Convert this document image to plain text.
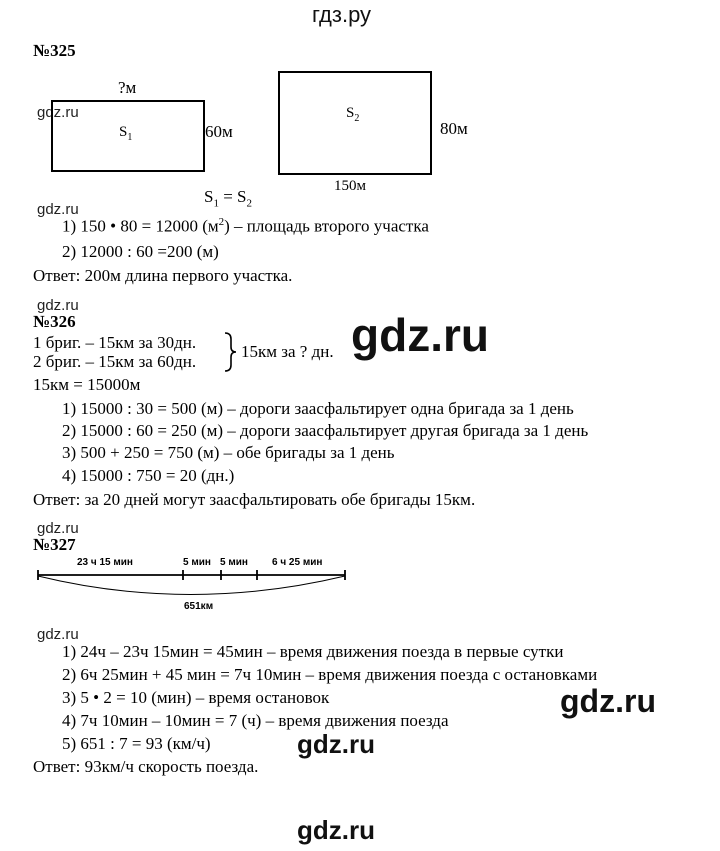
гдз.ру
№325
?м
gdz.ru
$S_1$	60м
$S_2$
80м
150м
$S_1 = S_2$
gdz.ru
1) 150 • 80 = 12000 $(м^2)$ – площадь второго участка
2) 12000 : 60 =200 (м)
Ответ: 200м длина первого участка.
gdz.ru
№326
1 бриг. – 15км за 30дн.
2 бриг. – 15км за 60дн.
15км за ? дн. gdz.ru
15км = 15000м
1) 15000 : 30 = 500 (м) – дороги заасфальтирует одна бригада за 1 день
2) 15000 : 60 = 250 (м) – дороги заасфальтирует другая бригада за 1 день
3) 500 + 250 = 750 (м) – обе бригады за 1 день
4) 15000 : 750 = 20 (дн.)
Ответ: за 20 дней могут заасфальтировать обе бригады 15км.
gdz.ru
№327
23 ч 15 мин	5 мин 5 мин 6 ч 25 мин
651км
gdz.ru
1) 24ч – 23ч 15мин = 45мин – время движения поезда в первые сутки
2) 6ч 25мин + 45 мин = 7ч 10мин – время движения поезда с остановками
3) 5 • 2 = 10 (мин) – время остановок	gdz.ru
4) 7ч 10мин – 10мин = 7 (ч) – время движения поезда
5) 651 : 7 = 93 (км/ч)	gdz.ru
Ответ: 93км/ч скорость поезда.
gdz.ru
